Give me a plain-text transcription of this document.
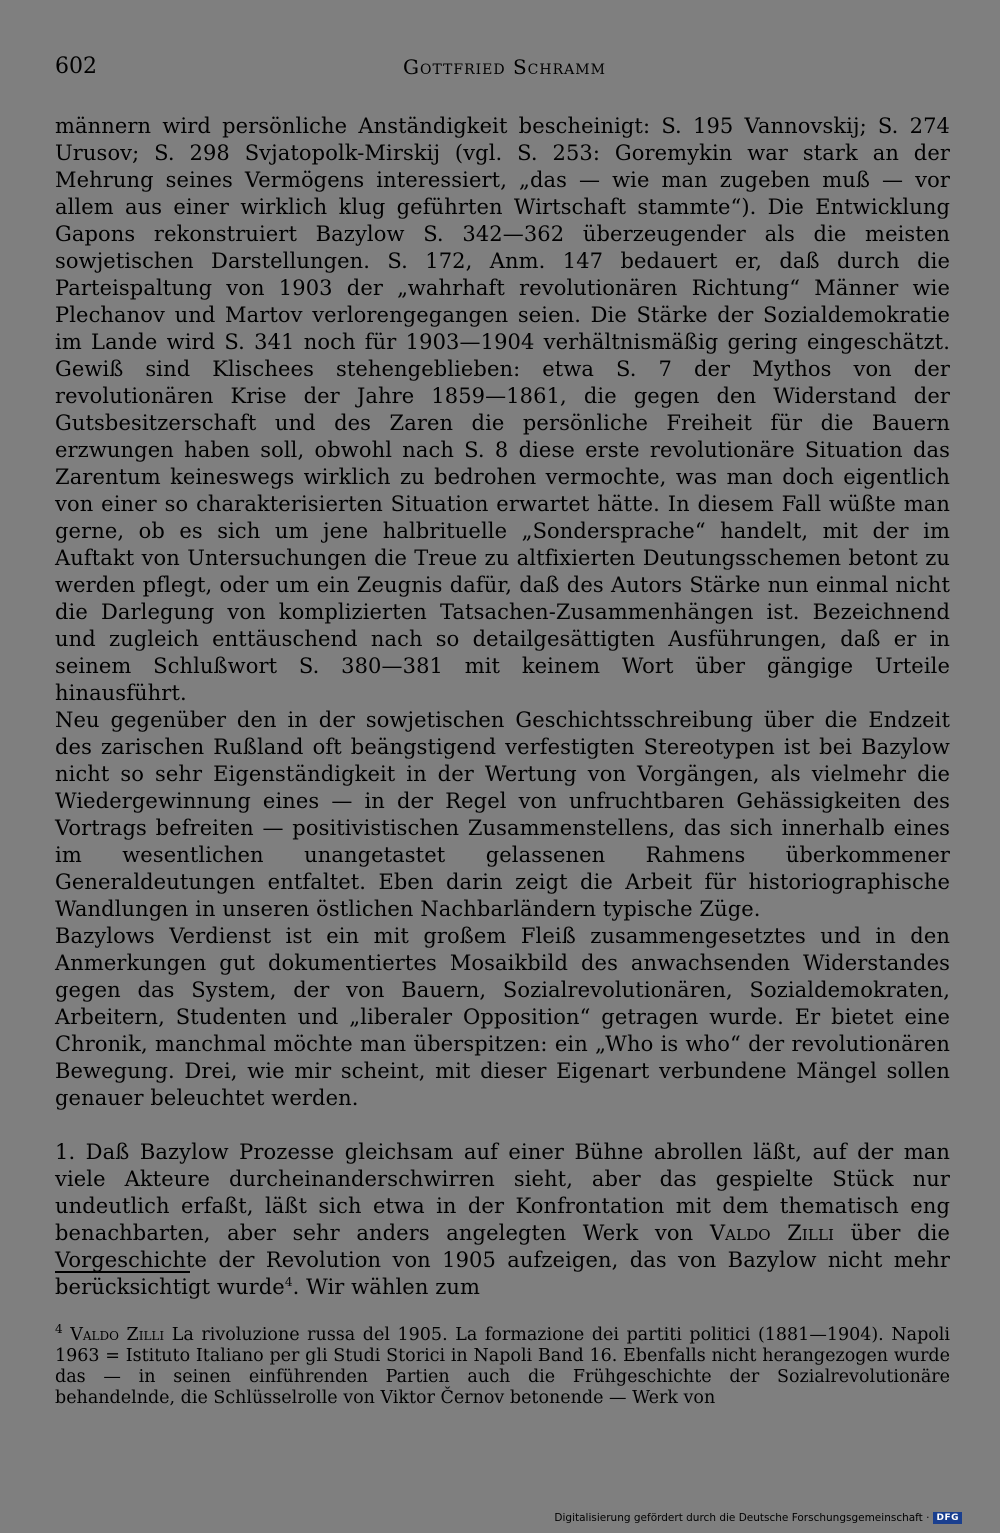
602	Gottfried Schramm

männern wird persönliche Anständigkeit bescheinigt: S. 195 Vannovskij; S. 274 Urusov; S. 298 Svjatopolk-Mirskij (vgl. S. 253: Goremykin war stark an der Mehrung seines Vermögens interessiert, „das — wie man zugeben muß — vor allem aus einer wirklich klug geführten Wirtschaft stammte“). Die Entwicklung Gapons rekonstruiert Bazylow S. 342—362 überzeugender als die meisten sowjetischen Darstellungen. S. 172, Anm. 147 bedauert er, daß durch die Parteispaltung von 1903 der „wahrhaft revolutionären Richtung“ Männer wie Plechanov und Martov verlorengegangen seien. Die Stärke der Sozialdemokratie im Lande wird S. 341 noch für 1903—1904 verhältnismäßig gering eingeschätzt. Gewiß sind Klischees stehengeblieben: etwa S. 7 der Mythos von der revolutionären Krise der Jahre 1859—1861, die gegen den Widerstand der Gutsbesitzerschaft und des Zaren die persönliche Freiheit für die Bauern erzwungen haben soll, obwohl nach S. 8 diese erste revolutionäre Situation das Zarentum keineswegs wirklich zu bedrohen vermochte, was man doch eigentlich von einer so charakterisierten Situation erwartet hätte. In diesem Fall wüßte man gerne, ob es sich um jene halbrituelle „Sondersprache“ handelt, mit der im Auftakt von Untersuchungen die Treue zu altfixierten Deutungsschemen betont zu werden pflegt, oder um ein Zeugnis dafür, daß des Autors Stärke nun einmal nicht die Darlegung von komplizierten Tatsachen-Zusammenhängen ist. Bezeichnend und zugleich enttäuschend nach so detailgesättigten Ausführungen, daß er in seinem Schlußwort S. 380—381 mit keinem Wort über gängige Urteile hinausführt.

Neu gegenüber den in der sowjetischen Geschichtsschreibung über die Endzeit des zarischen Rußland oft beängstigend verfestigten Stereotypen ist bei Bazylow nicht so sehr Eigenständigkeit in der Wertung von Vorgängen, als vielmehr die Wiedergewinnung eines — in der Regel von unfruchtbaren Gehässigkeiten des Vortrags befreiten — positivistischen Zusammenstellens, das sich innerhalb eines im wesentlichen unangetastet gelassenen Rahmens überkommener Generaldeutungen entfaltet. Eben darin zeigt die Arbeit für historiographische Wandlungen in unseren östlichen Nachbarländern typische Züge.

Bazylows Verdienst ist ein mit großem Fleiß zusammengesetztes und in den Anmerkungen gut dokumentiertes Mosaikbild des anwachsenden Widerstandes gegen das System, der von Bauern, Sozialrevolutionären, Sozialdemokraten, Arbeitern, Studenten und „liberaler Opposition“ getragen wurde. Er bietet eine Chronik, manchmal möchte man überspitzen: ein „Who is who“ der revolutionären Bewegung. Drei, wie mir scheint, mit dieser Eigenart verbundene Mängel sollen genauer beleuchtet werden.

1. Daß Bazylow Prozesse gleichsam auf einer Bühne abrollen läßt, auf der man viele Akteure durcheinanderschwirren sieht, aber das gespielte Stück nur undeutlich erfaßt, läßt sich etwa in der Konfrontation mit dem thematisch eng benachbarten, aber sehr anders angelegten Werk von Valdo Zilli über die Vorgeschichte der Revolution von 1905 aufzeigen, das von Bazylow nicht mehr berücksichtigt wurde$^4$. Wir wählen zum

$^4$ Valdo Zilli La rivoluzione russa del 1905. La formazione dei partiti politici (1881—1904). Napoli 1963 = Istituto Italiano per gli Studi Storici in Napoli Band 16. Ebenfalls nicht herangezogen wurde das — in seinen einführenden Partien auch die Frühgeschichte der Sozialrevolutionäre behandelnde, die Schlüsselrolle von Viktor Černov betonende — Werk von
Digitalisierung gefördert durch die Deutsche Forschungsgemeinschaft · DFG
